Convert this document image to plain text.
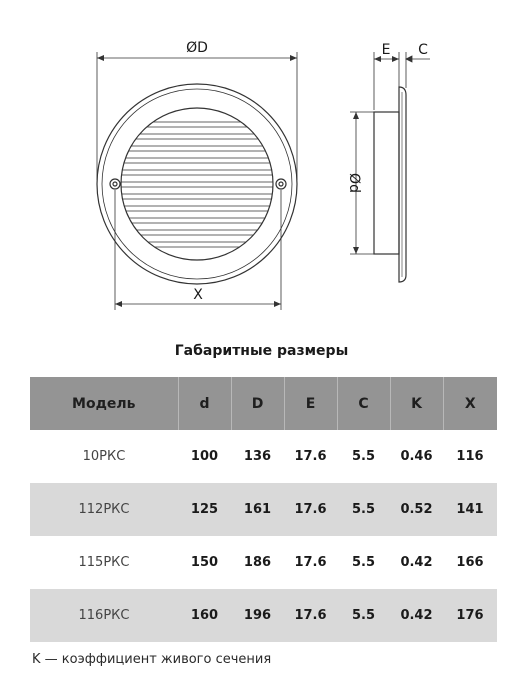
ØD
X
E C
Ød
Габаритные размеры
Модель	d	D	E	C	K	X
10РКС	100	136	17.6	5.5	0.46	116
112РКС	125	161	17.6	5.5	0.52	141
115РКС	150	186	17.6	5.5	0.42	166
116РКС	160	196	17.6	5.5	0.42	176
K — коэффициент живого сечения
